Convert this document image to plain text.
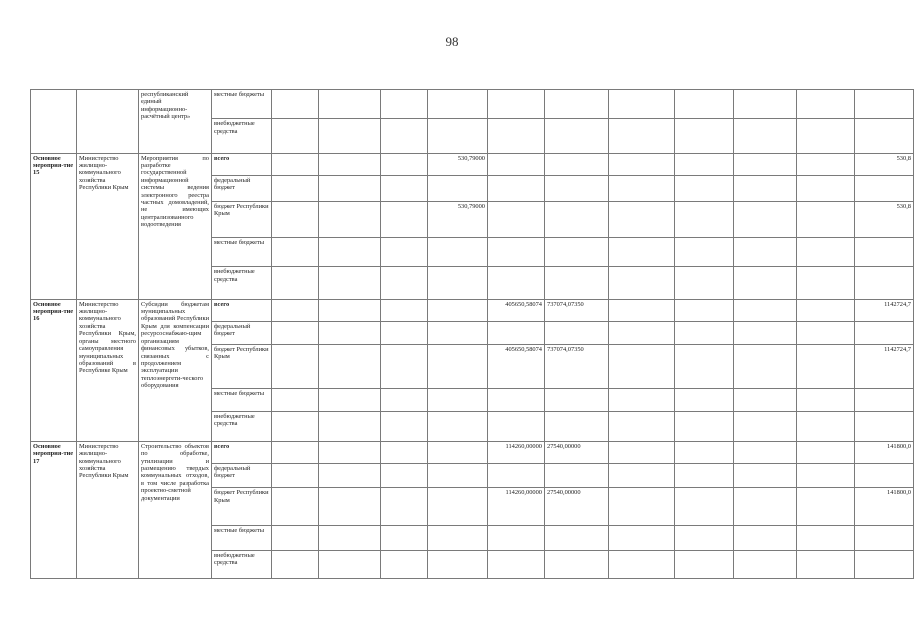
98
		республиканский единый информационно-расчётный центр»	местные бюджеты											
			внебюджетные средства											
Основное мероприя-тие 15	Министерство жилищно-коммунального хозяйства Республики Крым	Мероприятия по разработке государственной информационной системы ведения электронного реестра частных домовладений, не имеющих централизованного водоотведения	всего				530,79000							530,8
			федеральный бюджет											
			бюджет Республики Крым				530,79000							530,8
			местные бюджеты											
			внебюджетные средства											
Основное мероприя-тие 16	Министерство жилищно-коммунального хозяйства Республики Крым, органы местного самоуправления муниципальных образований в Республике Крым	Субсидии бюджетам муниципальных образований Республики Крым для компенсации ресурсоснабжаю-щим организациям финансовых убытков, связанных с продолжением эксплуатации теплоэнергети-ческого оборудования	всего					405650,58074	737074,07350					1142724,7
			федеральный бюджет											
			бюджет Республики Крым					405650,58074	737074,07350					1142724,7
			местные бюджеты											
			внебюджетные средства											
Основное мероприя-тие 17	Министерство жилищно-коммунального хозяйства Республики Крым	Строительство объектов по обработке, утилизации и размещению твердых коммунальных отходов, в том числе разработка проектно-сметной документации	всего					114260,00000	27540,00000					141800,0
			федеральный бюджет											
			бюджет Республики Крым					114260,00000	27540,00000					141800,0
			местные бюджеты											
			внебюджетные средства											
